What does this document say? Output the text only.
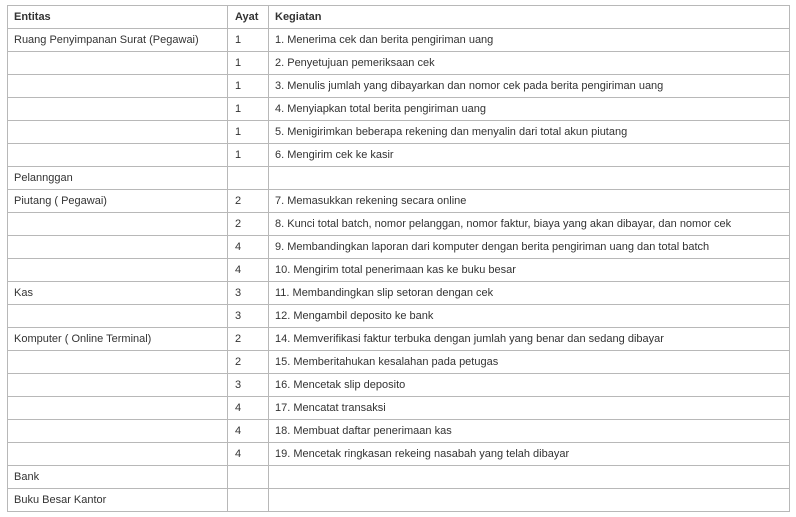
Entitas	Ayat	Kegiatan
Ruang Penyimpanan Surat (Pegawai)	1	1. Menerima cek dan berita pengiriman uang
	1	2. Penyetujuan pemeriksaan cek
	1	3. Menulis jumlah yang dibayarkan dan nomor cek pada berita pengiriman uang
	1	4. Menyiapkan total berita pengiriman uang
	1	5. Menigirimkan beberapa rekening dan menyalin dari total akun piutang
	1	6. Mengirim cek ke kasir
Pelannggan		
Piutang ( Pegawai)	2	7. Memasukkan rekening secara online
	2	8. Kunci total batch, nomor pelanggan, nomor faktur, biaya yang akan dibayar, dan nomor cek
	4	9. Membandingkan laporan dari komputer dengan berita pengiriman uang dan total batch
	4	10. Mengirim total penerimaan kas ke buku besar
Kas	3	11. Membandingkan slip setoran dengan cek
	3	12. Mengambil deposito ke bank
Komputer ( Online Terminal)	2	14. Memverifikasi faktur terbuka dengan jumlah yang benar dan sedang dibayar
	2	15. Memberitahukan kesalahan pada petugas
	3	16. Mencetak slip deposito
	4	17. Mencatat transaksi
	4	18. Membuat daftar penerimaan kas
	4	19. Mencetak ringkasan rekeing nasabah yang telah dibayar
Bank		
Buku Besar Kantor		
